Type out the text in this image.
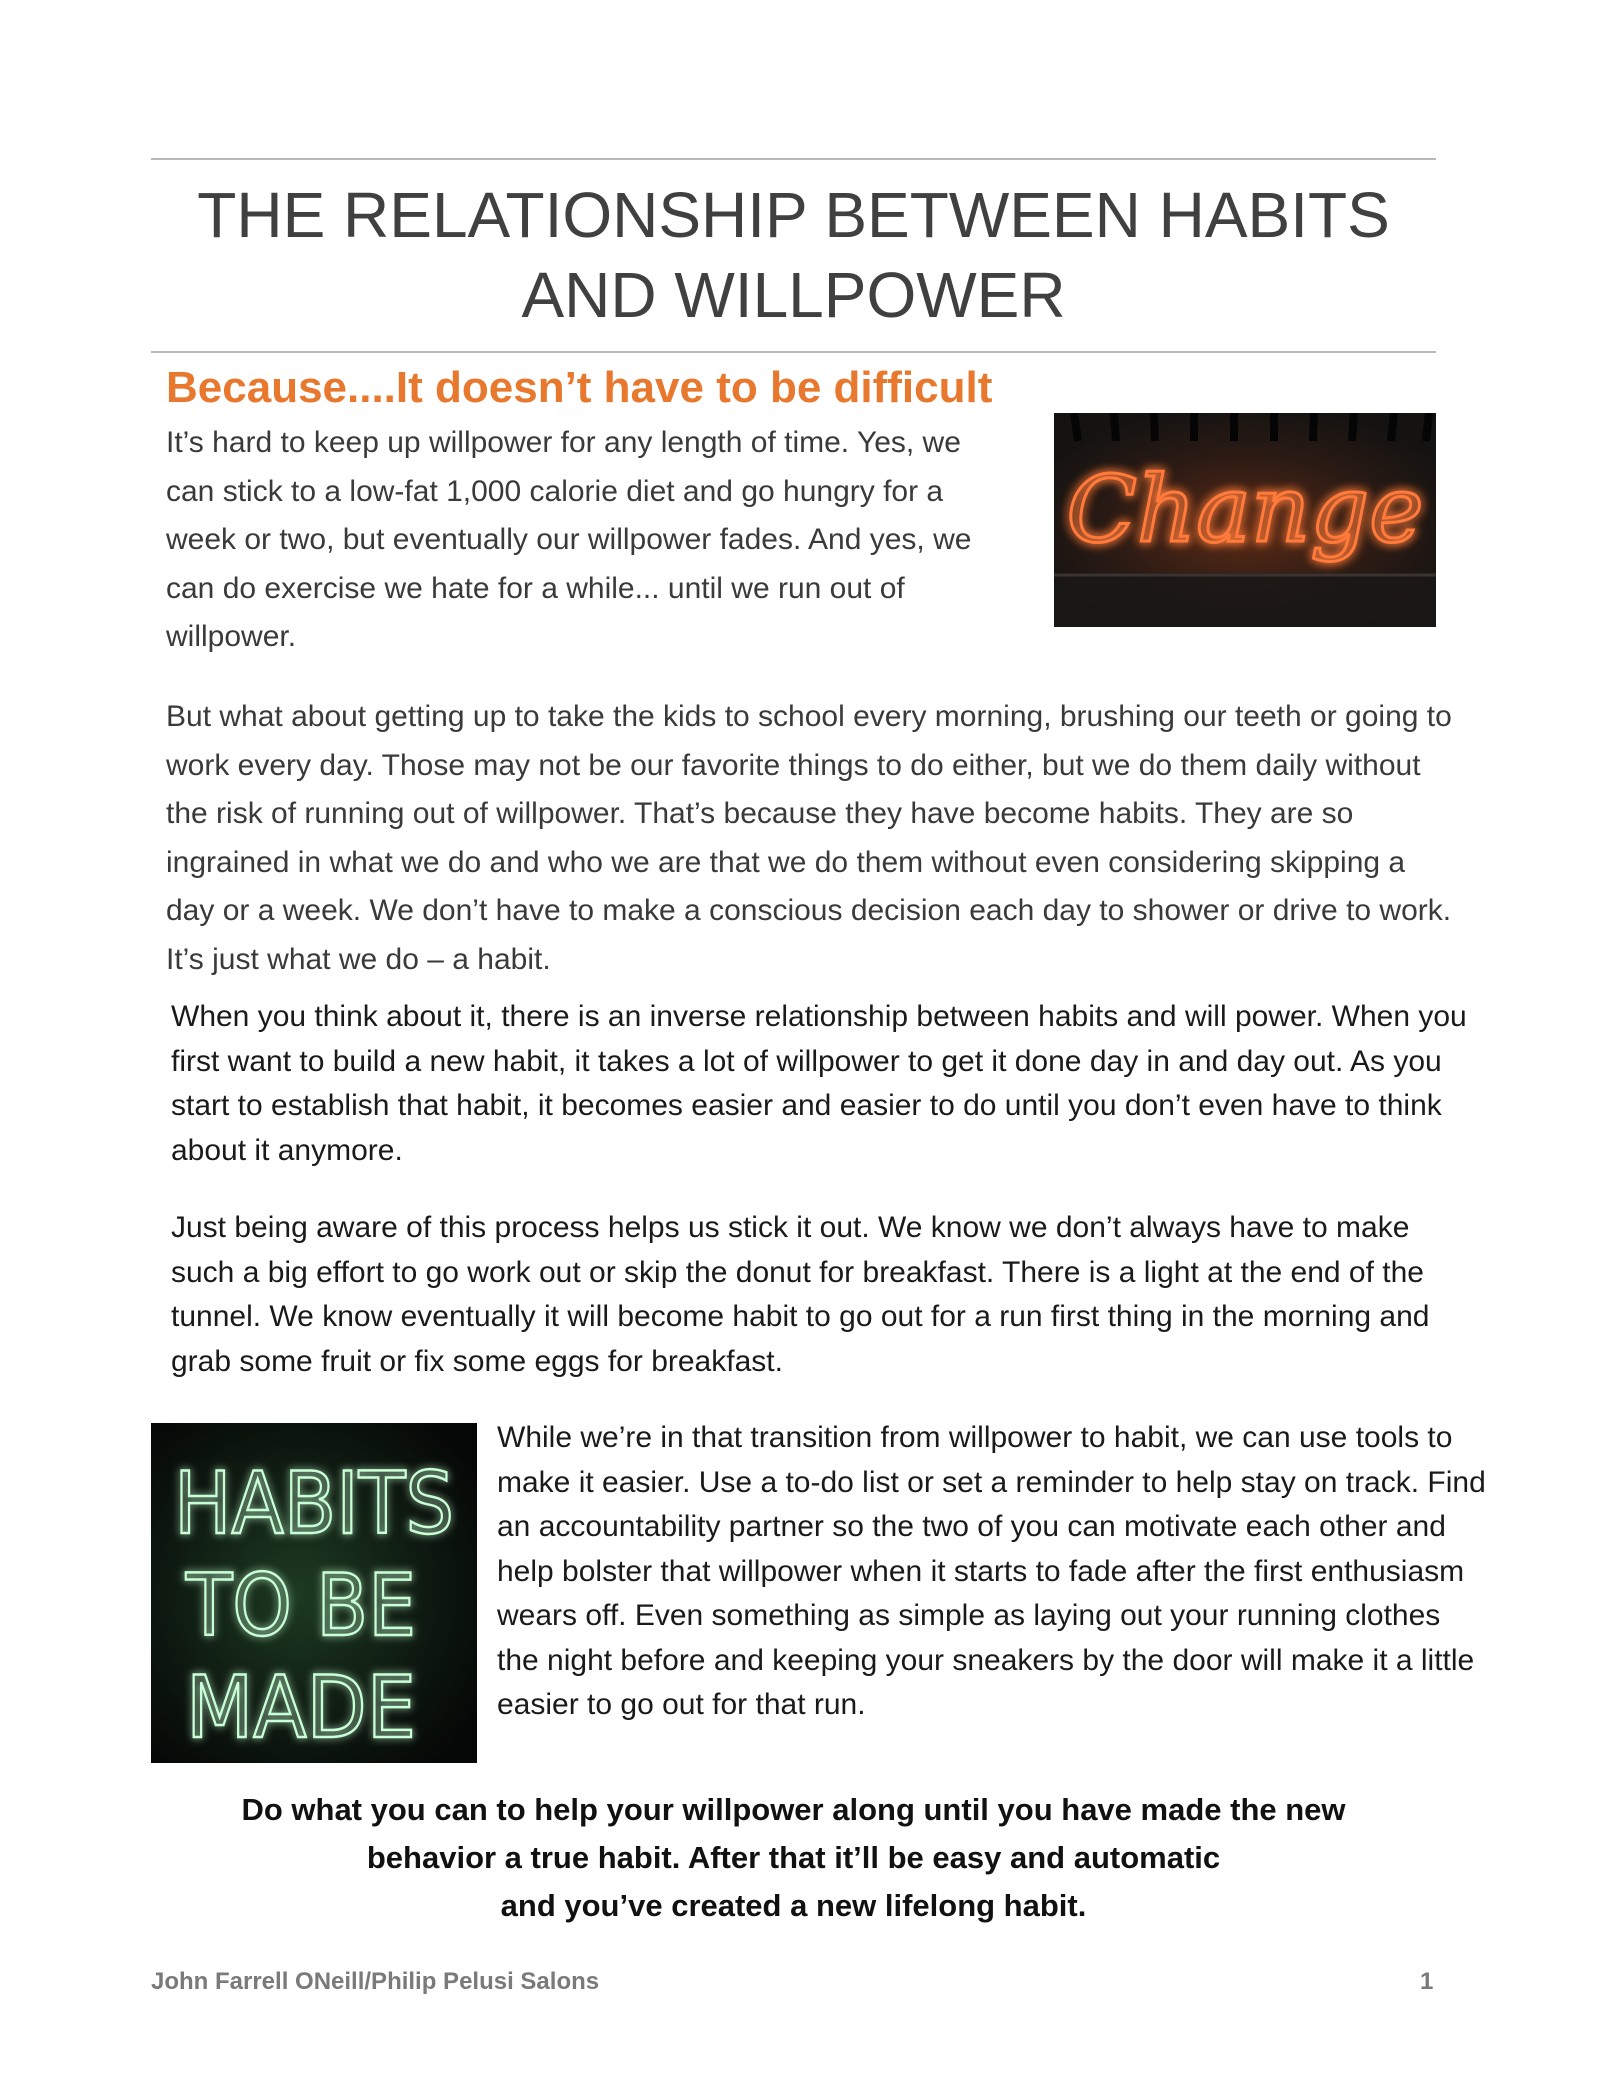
THE RELATIONSHIP BETWEEN HABITS
AND WILLPOWER
Because....It doesn’t have to be difficult

It’s hard to keep up willpower for any length of time. Yes, we can stick to a low-fat 1,000 calorie diet and go hungry for a week or two, but eventually our willpower fades. And yes, we can do exercise we hate for a while... until we run out of willpower.

Change

But what about getting up to take the kids to school every morning, brushing our teeth or going to work every day. Those may not be our favorite things to do either, but we do them daily without the risk of running out of willpower. That’s because they have become habits. They are so ingrained in what we do and who we are that we do them without even considering skipping a day or a week. We don’t have to make a conscious decision each day to shower or drive to work. It’s just what we do – a habit.

When you think about it, there is an inverse relationship between habits and will power. When you first want to build a new habit, it takes a lot of willpower to get it done day in and day out. As you start to establish that habit, it becomes easier and easier to do until you don’t even have to think about it anymore.

Just being aware of this process helps us stick it out. We know we don’t always have to make such a big effort to go work out or skip the donut for breakfast. There is a light at the end of the tunnel. We know eventually it will become habit to go out for a run first thing in the morning and grab some fruit or fix some eggs for breakfast.

HABITS
TO BE
MADE

While we’re in that transition from willpower to habit, we can use tools to make it easier. Use a to-do list or set a reminder to help stay on track. Find an accountability partner so the two of you can motivate each other and help bolster that willpower when it starts to fade after the first enthusiasm wears off. Even something as simple as laying out your running clothes the night before and keeping your sneakers by the door will make it a little easier to go out for that run.

Do what you can to help your willpower along until you have made the new
behavior a true habit. After that it’ll be easy and automatic
and you’ve created a new lifelong habit.
John Farrell ONeill/Philip Pelusi Salons	1
